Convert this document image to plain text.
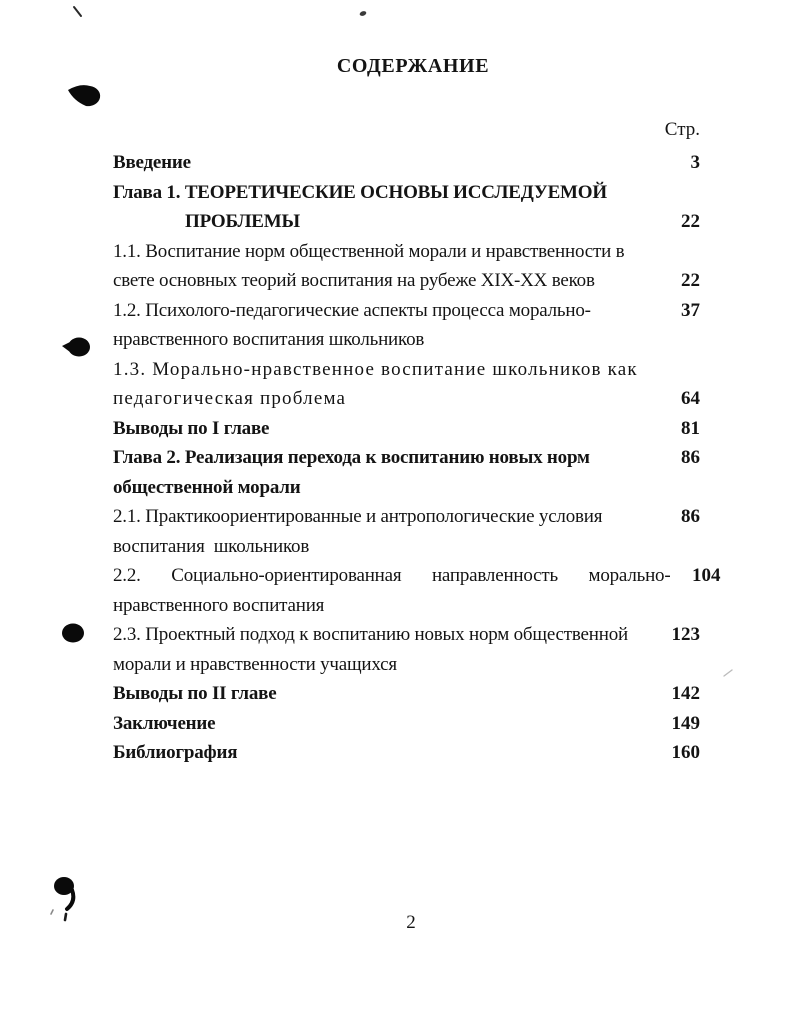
СОДЕРЖАНИЕ
Стр.
Введение	3
Глава 1. ТЕОРЕТИЧЕСКИЕ ОСНОВЫ ИССЛЕДУЕМОЙ
ПРОБЛЕМЫ	22
1.1. Воспитание норм общественной морали и нравственности в
свете основных теорий воспитания на рубеже XIX-XX веков	22
1.2. Психолого-педагогические аспекты процесса морально-	37
нравственного воспитания школьников
1.3. Морально-нравственное воспитание школьников как
педагогическая проблема	64
Выводы по I главе	81
Глава 2. Реализация перехода к воспитанию новых норм	86
общественной морали
2.1. Практикоориентированные и антропологические условия	86
воспитания  школьников
2.2. Социально-ориентированная направленность морально-	104
нравственного воспитания
2.3. Проектный подход к воспитанию новых норм общественной	123
морали и нравственности учащихся
Выводы по II главе	142
Заключение	149
Библиография	160
2
